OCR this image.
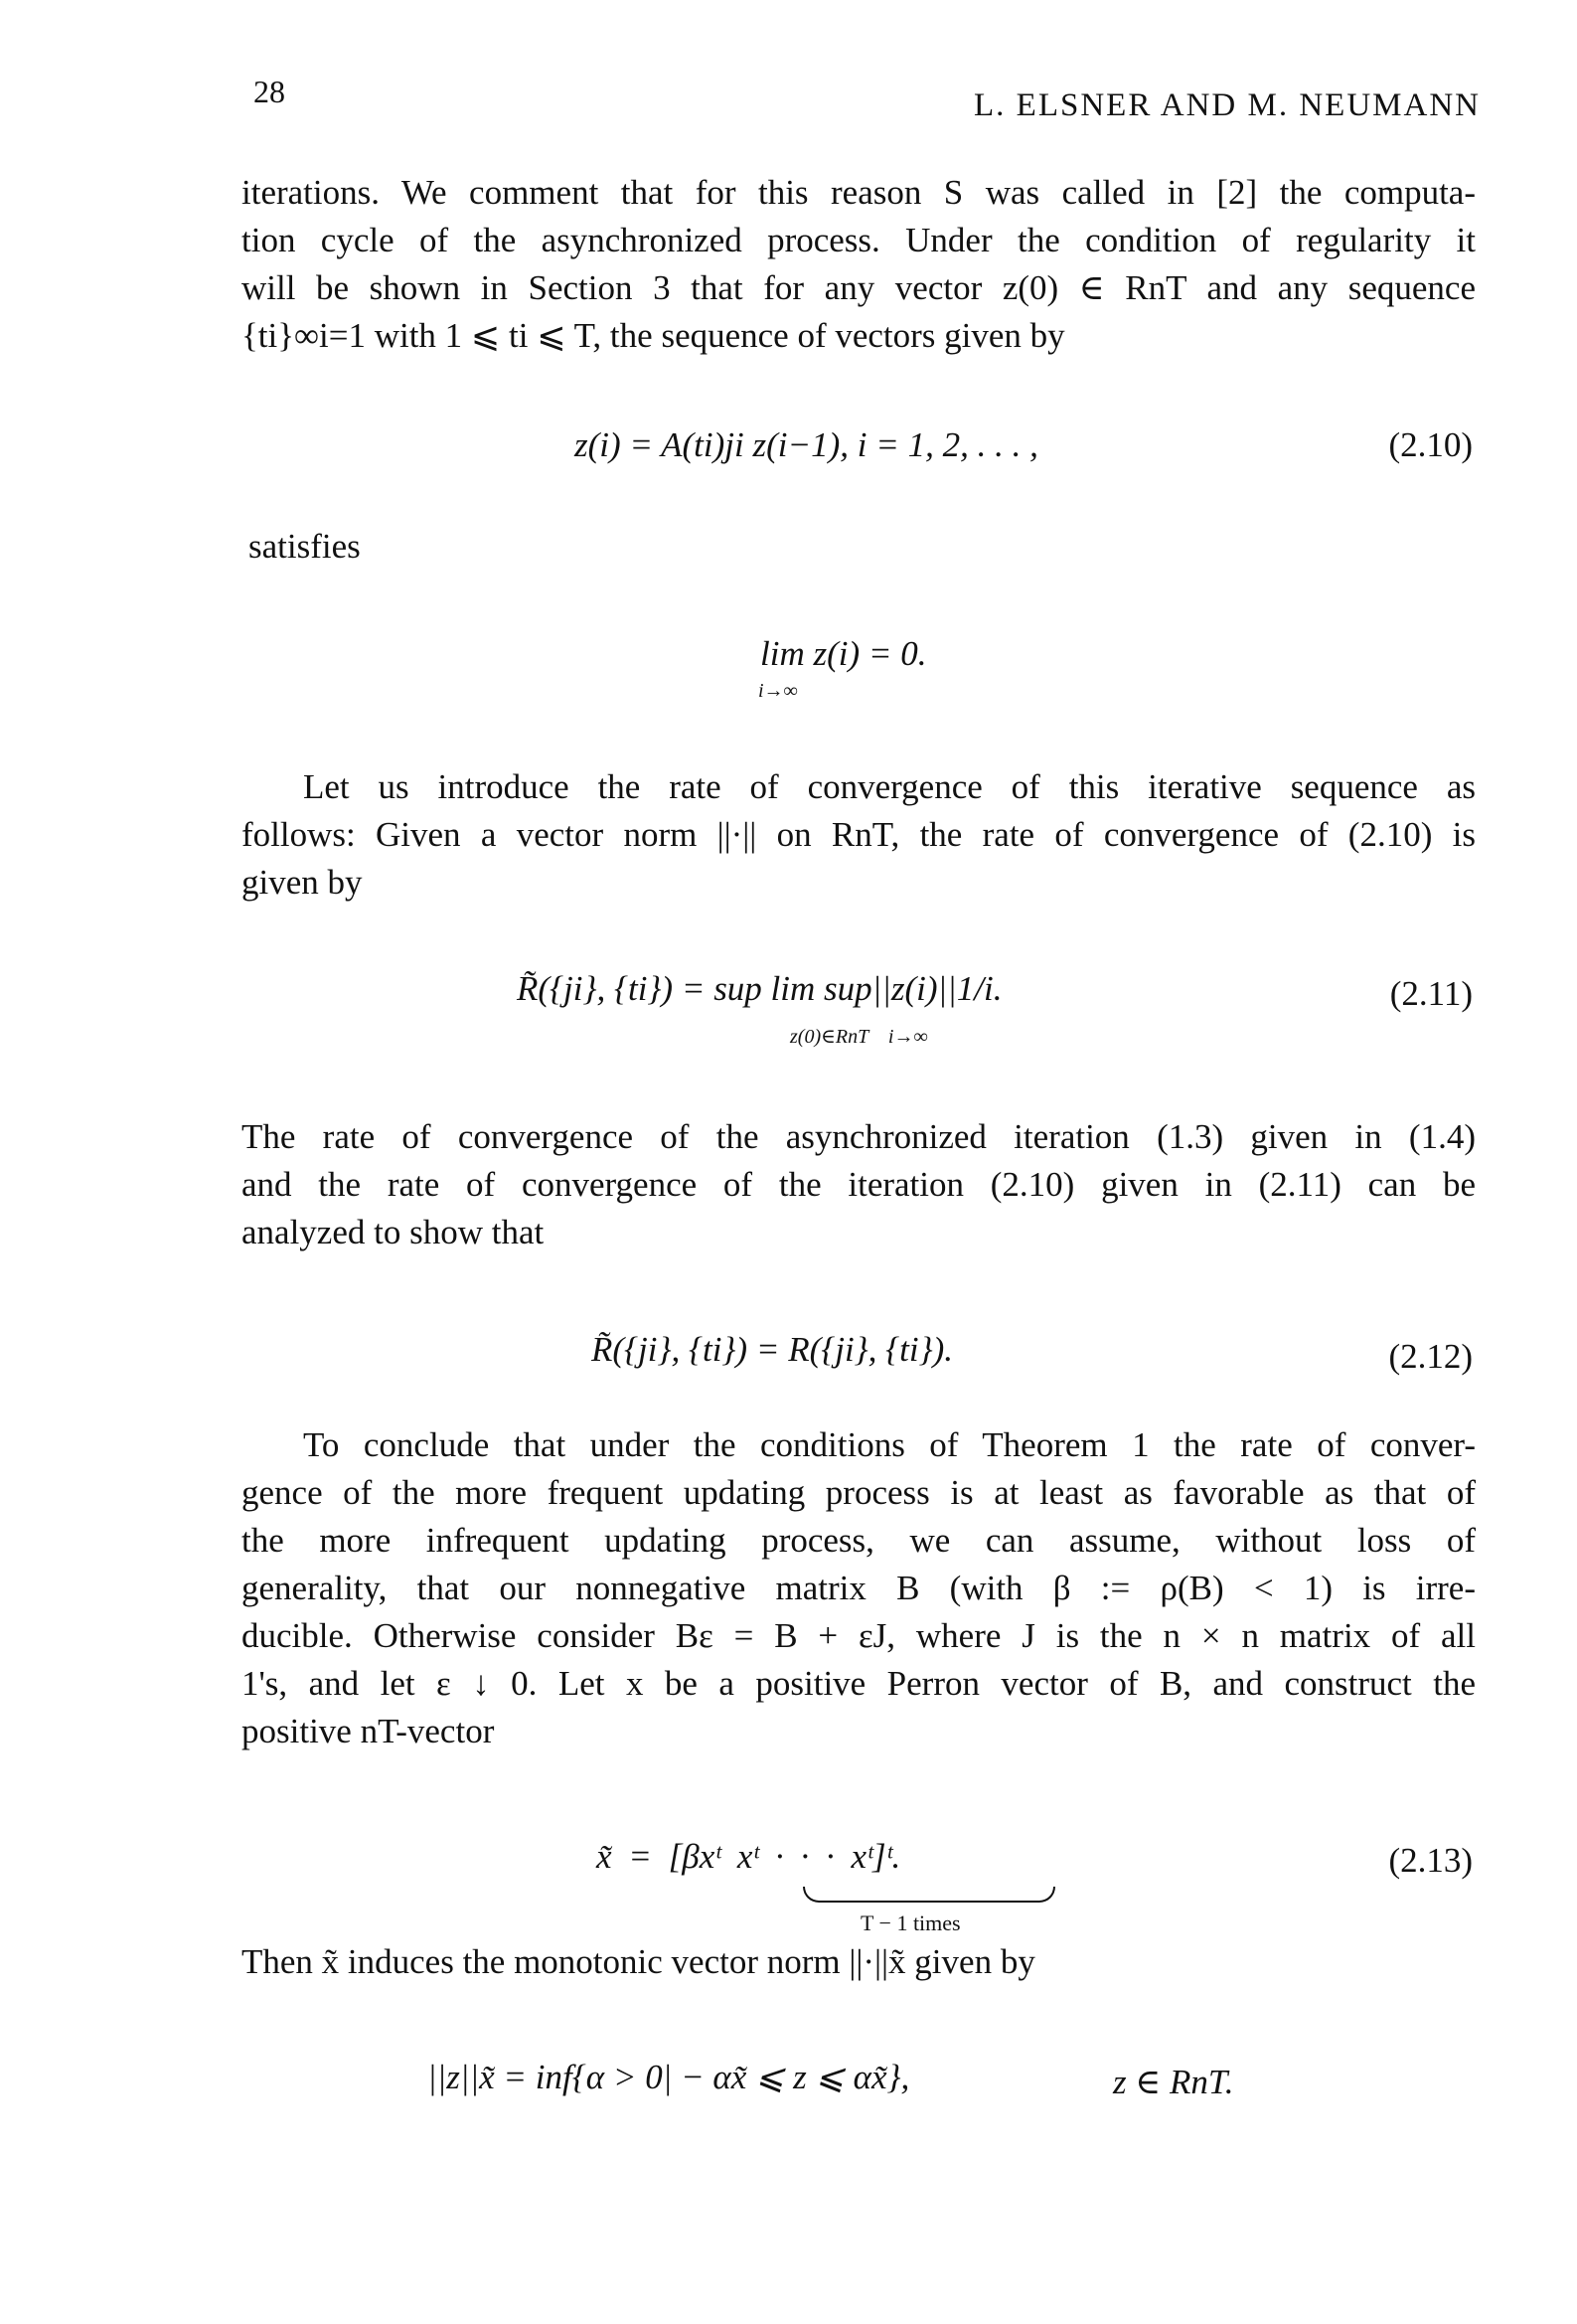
28	L. ELSNER AND M. NEUMANN
iterations. We comment that for this reason S was called in [2] the computa-
tion cycle of the asynchronized process. Under the condition of regularity it
will be shown in Section 3 that for any vector z(0) ∈ RnT and any sequence
{ti}∞i=1 with 1 ⩽ ti ⩽ T, the sequence of vectors given by
z(i) = A(ti)ji z(i−1), i = 1, 2, . . . ,	(2.10)
satisfies
lim z(i) = 0.
i→∞
Let us introduce the rate of convergence of this iterative sequence as
follows: Given a vector norm ||·|| on RnT, the rate of convergence of (2.10) is
given by
R̃({ji}, {ti}) = sup lim sup||z(i)||1/i.
z(0)∈RnT    i→∞
(2.11)
The rate of convergence of the asynchronized iteration (1.3) given in (1.4)
and the rate of convergence of the iteration (2.10) given in (2.11) can be
analyzed to show that
R̃({ji}, {ti}) = R({ji}, {ti}).	(2.12)
To conclude that under the conditions of Theorem 1 the rate of conver-
gence of the more frequent updating process is at least as favorable as that of
the more infrequent updating process, we can assume, without loss of
generality, that our nonnegative matrix B (with β := ρ(B) < 1) is irre-
ducible. Otherwise consider Bε = B + εJ, where J is the n × n matrix of all
1's, and let ε ↓ 0. Let x be a positive Perron vector of B, and construct the
positive nT-vector
x̃ = [βxᵗ xᵗ · · · xᵗ]ᵗ.
T − 1 times
(2.13)
Then x̃ induces the monotonic vector norm ||·||x̃ given by
||z||x̃ = inf{α > 0| − αx̃ ⩽ z ⩽ αx̃},	z ∈ RnT.
